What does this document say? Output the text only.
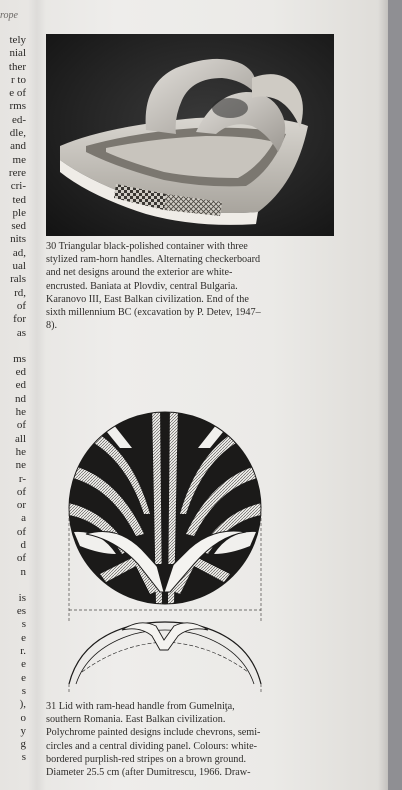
rope
tely
nial
ther
r to
e of
rms
ed-
dle,
and
me
rere
cri-
ted
ple
sed
nits
ad,
ual
rals
rd,
of
for
as
ms
ed
ed
nd
he
of
all
he
ne
r-
of
or
a
of
d
of
n
is
es
s
e
r.
e
e
s
),
o
y
g
s
30 Triangular black-polished container with three
stylized ram-horn handles. Alternating checkerboard
and net designs around the exterior are white-
encrusted. Baniata at Plovdiv, central Bulgaria.
Karanovo III, East Balkan civilization. End of the
sixth millennium BC (excavation by P. Detev, 1947–
8).
31 Lid with ram-head handle from Gumelniţa,
southern Romania. East Balkan civilization.
Polychrome painted designs include chevrons, semi-
circles and a central dividing panel. Colours: white-
bordered purplish-red stripes on a brown ground.
Diameter 25.5 cm (after Dumitrescu, 1966. Draw-
